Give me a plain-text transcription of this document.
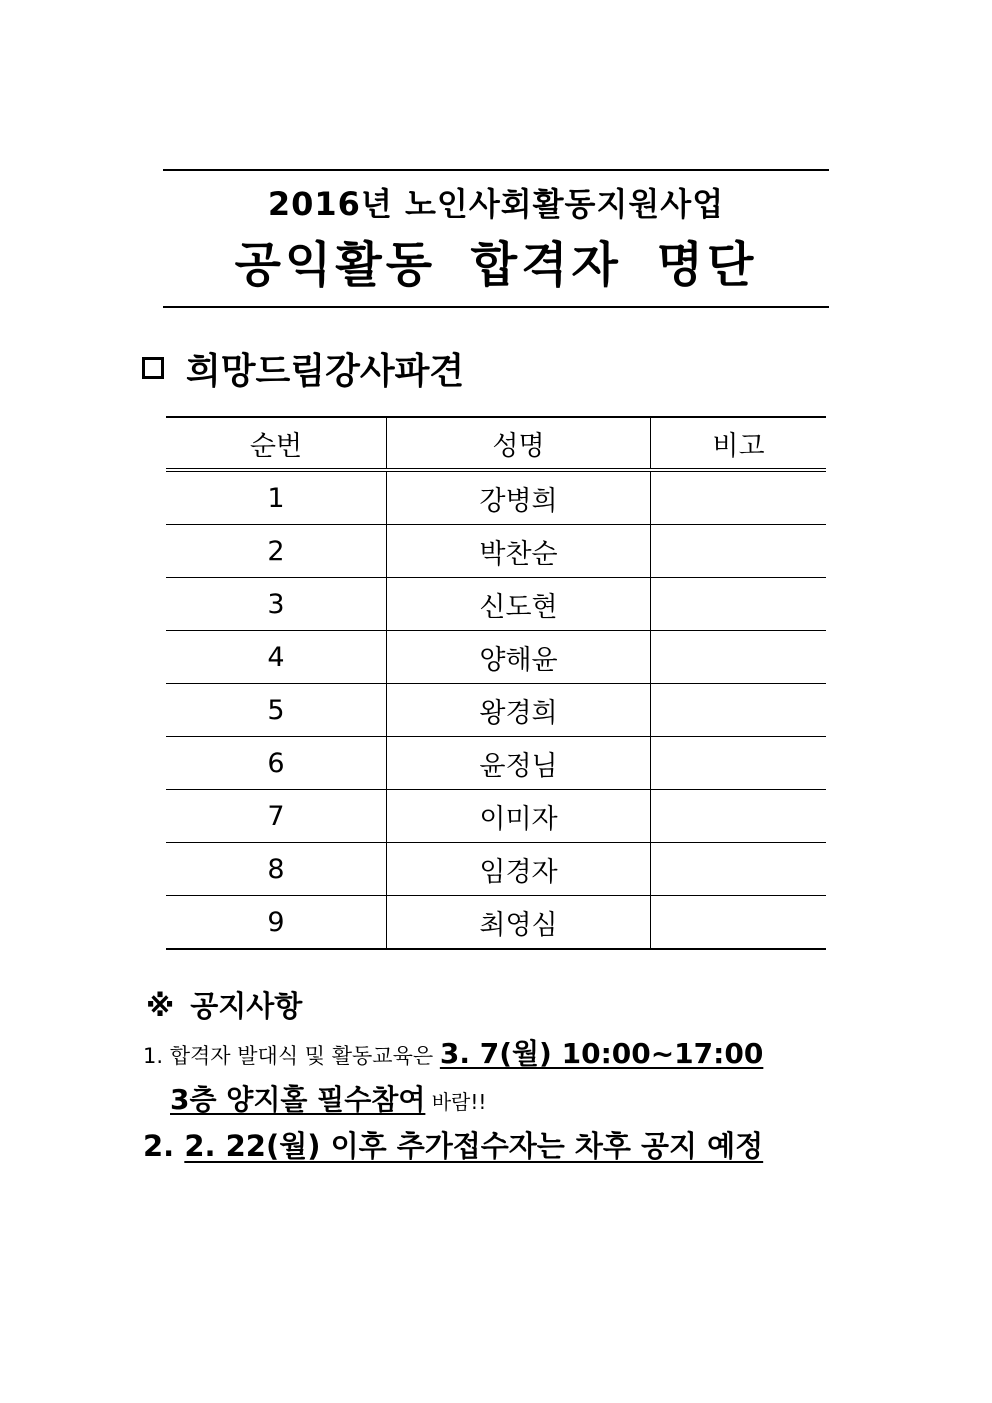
2016년 노인사회활동지원사업
공익활동 합격자 명단
희망드림강사파견
순번	성명	비고
1	강병희	
2	박찬순	
3	신도현	
4	양해윤	
5	왕경희	
6	윤정님	
7	이미자	
8	임경자	
9	최영심	
※ 공지사항
1. 합격자 발대식 및 활동교육은 3. 7(월) 10:00~17:00
3층 양지홀 필수참여 바람!!
2. 2. 22(월) 이후 추가접수자는 차후 공지 예정
